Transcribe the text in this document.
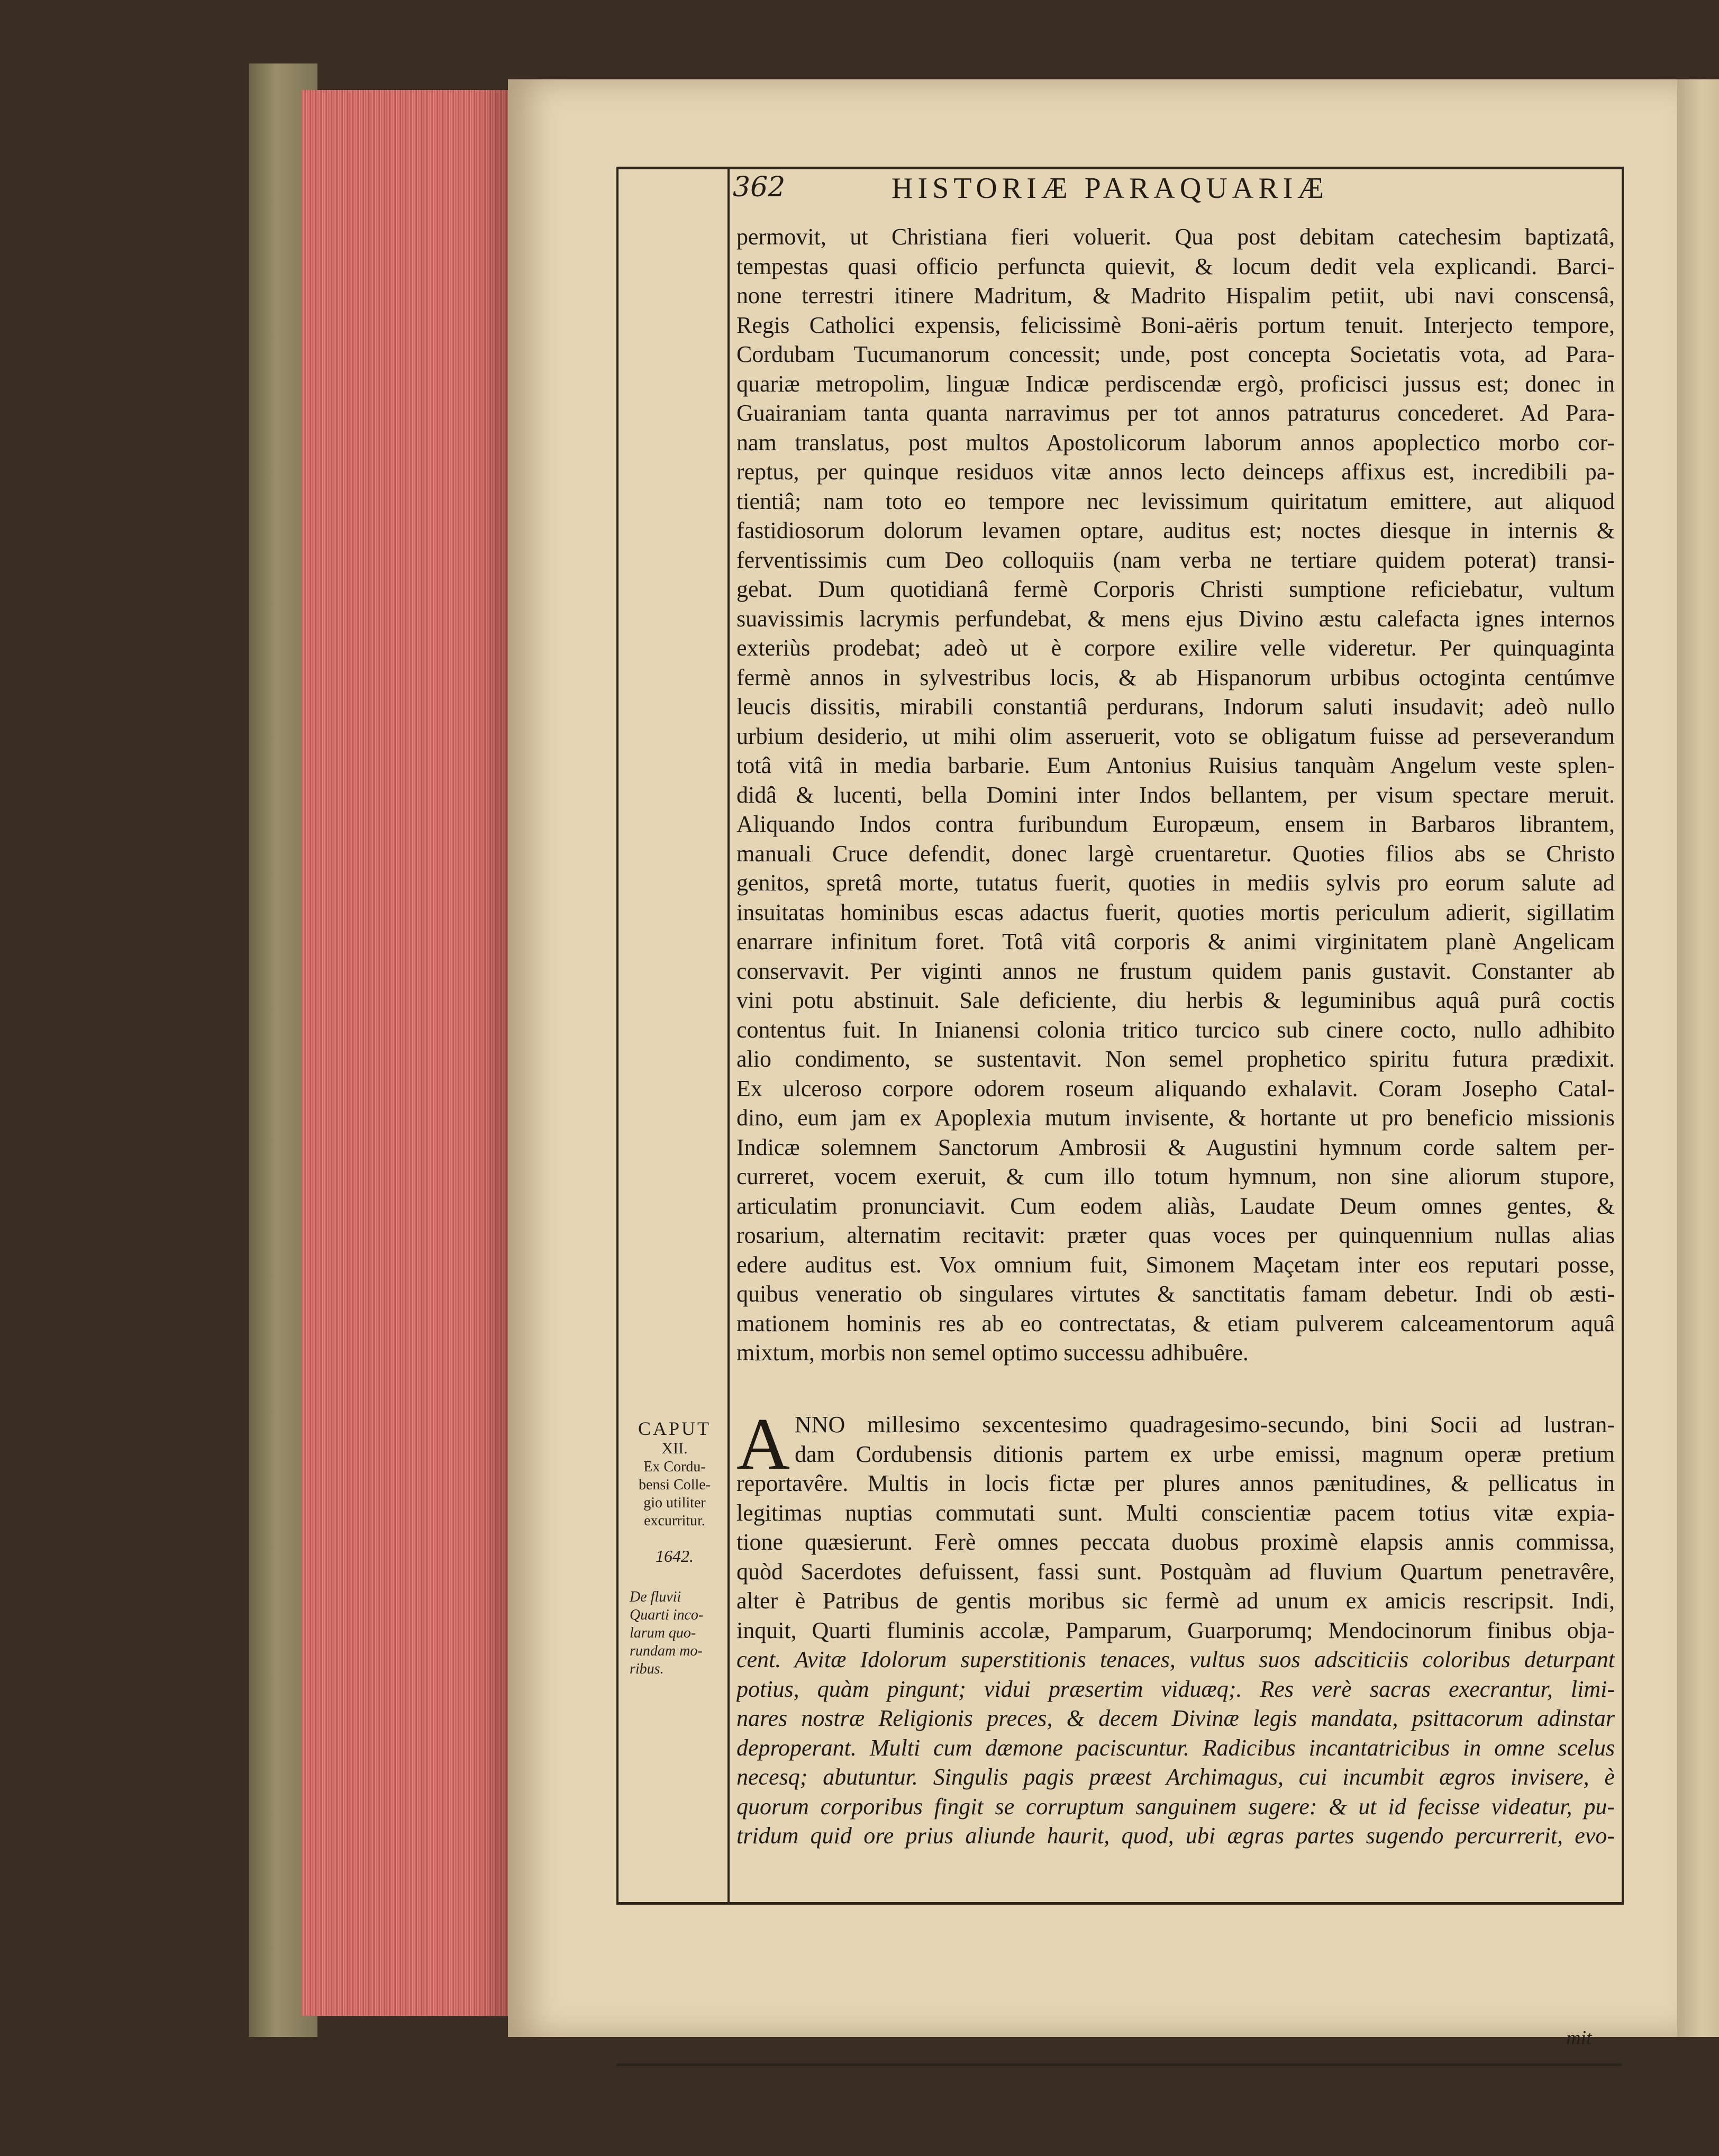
362	HISTORIÆ PARAQUARIÆ
permovit, ut Christiana fieri voluerit. Qua post debitam catechesim baptizatâ,
tempestas quasi officio perfuncta quievit, & locum dedit vela explicandi. Barci-
none terrestri itinere Madritum, & Madrito Hispalim petiit, ubi navi conscensâ,
Regis Catholici expensis, felicissimè Boni-aëris portum tenuit. Interjecto tempore,
Cordubam Tucumanorum concessit; unde, post concepta Societatis vota, ad Para-
quariæ metropolim, linguæ Indicæ perdiscendæ ergò, proficisci jussus est; donec in
Guairaniam tanta quanta narravimus per tot annos patraturus concederet. Ad Para-
nam translatus, post multos Apostolicorum laborum annos apoplectico morbo cor-
reptus, per quinque residuos vitæ annos lecto deinceps affixus est, incredibili pa-
tientiâ; nam toto eo tempore nec levissimum quiritatum emittere, aut aliquod
fastidiosorum dolorum levamen optare, auditus est; noctes diesque in internis &
ferventissimis cum Deo colloquiis (nam verba ne tertiare quidem poterat) transi-
gebat. Dum quotidianâ fermè Corporis Christi sumptione reficiebatur, vultum
suavissimis lacrymis perfundebat, & mens ejus Divino æstu calefacta ignes internos
exteriùs prodebat; adeò ut è corpore exilire velle videretur. Per quinquaginta
fermè annos in sylvestribus locis, & ab Hispanorum urbibus octoginta centúmve
leucis dissitis, mirabili constantiâ perdurans, Indorum saluti insudavit; adeò nullo
urbium desiderio, ut mihi olim asseruerit, voto se obligatum fuisse ad perseverandum
totâ vitâ in media barbarie. Eum Antonius Ruisius tanquàm Angelum veste splen-
didâ & lucenti, bella Domini inter Indos bellantem, per visum spectare meruit.
Aliquando Indos contra furibundum Europæum, ensem in Barbaros librantem,
manuali Cruce defendit, donec largè cruentaretur. Quoties filios abs se Christo
genitos, spretâ morte, tutatus fuerit, quoties in mediis sylvis pro eorum salute ad
insuitatas hominibus escas adactus fuerit, quoties mortis periculum adierit, sigillatim
enarrare infinitum foret. Totâ vitâ corporis & animi virginitatem planè Angelicam
conservavit. Per viginti annos ne frustum quidem panis gustavit. Constanter ab
vini potu abstinuit. Sale deficiente, diu herbis & leguminibus aquâ purâ coctis
contentus fuit. In Inianensi colonia tritico turcico sub cinere cocto, nullo adhibito
alio condimento, se sustentavit. Non semel prophetico spiritu futura prædixit.
Ex ulceroso corpore odorem roseum aliquando exhalavit. Coram Josepho Catal-
dino, eum jam ex Apoplexia mutum invisente, & hortante ut pro beneficio missionis
Indicæ solemnem Sanctorum Ambrosii & Augustini hymnum corde saltem per-
curreret, vocem exeruit, & cum illo totum hymnum, non sine aliorum stupore,
articulatim pronunciavit. Cum eodem aliàs, Laudate Deum omnes gentes, &
rosarium, alternatim recitavit: præter quas voces per quinquennium nullas alias
edere auditus est. Vox omnium fuit, Simonem Maçetam inter eos reputari posse,
quibus veneratio ob singulares virtutes & sanctitatis famam debetur. Indi ob æsti-
mationem hominis res ab eo contrectatas, & etiam pulverem calceamentorum aquâ
mixtum, morbis non semel optimo successu adhibuêre.
CAPUT
XII.
Ex Cordu-
bensi Colle-
gio utiliter
excurritur.
1642.
De fluvii
Quarti inco-
larum quo-
rundam mo-
ribus.
A NNO millesimo sexcentesimo quadragesimo-secundo, bini Socii ad lustran-
dam Cordubensis ditionis partem ex urbe emissi, magnum operæ pretium
reportavêre. Multis in locis fictæ per plures annos pænitudines, & pellicatus in
legitimas nuptias commutati sunt. Multi conscientiæ pacem totius vitæ expia-
tione quæsierunt. Ferè omnes peccata duobus proximè elapsis annis commissa,
quòd Sacerdotes defuissent, fassi sunt. Postquàm ad fluvium Quartum penetravêre,
alter è Patribus de gentis moribus sic fermè ad unum ex amicis rescripsit. Indi,
inquit, Quarti fluminis accolæ, Pamparum, Guarporumq; Mendocinorum finibus obja-
cent. Avitæ Idolorum superstitionis tenaces, vultus suos adsciticiis coloribus deturpant
potius, quàm pingunt; vidui præsertim viduæq;. Res verè sacras execrantur, limi-
nares nostræ Religionis preces, & decem Divinæ legis mandata, psittacorum adinstar
deproperant. Multi cum dæmone paciscuntur. Radicibus incantatricibus in omne scelus
necesq; abutuntur. Singulis pagis præest Archimagus, cui incumbit ægros invisere, è
quorum corporibus fingit se corruptum sanguinem sugere: & ut id fecisse videatur, pu-
tridum quid ore prius aliunde haurit, quod, ubi ægras partes sugendo percurrerit, evo-
mit
